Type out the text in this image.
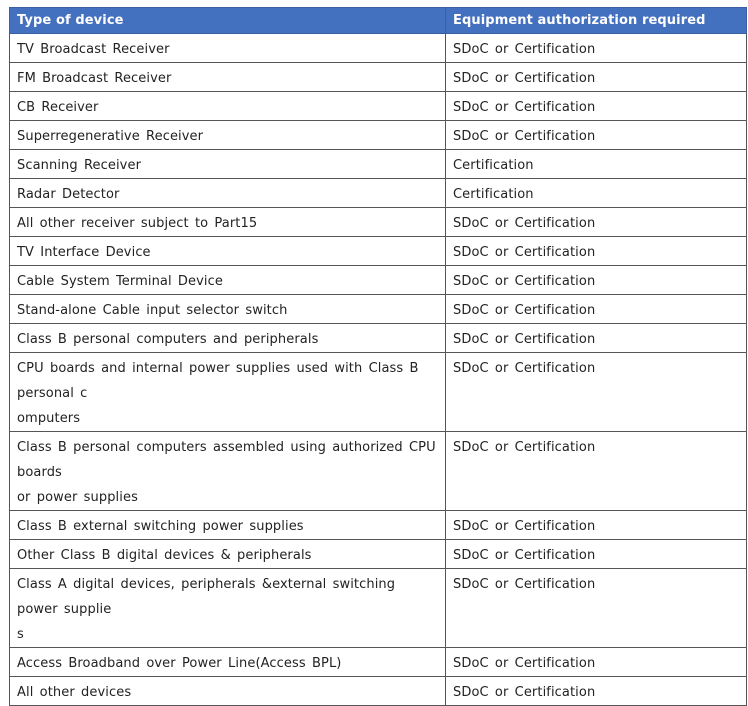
Type of device	Equipment authorization required
TV Broadcast Receiver	SDoC or Certification
FM Broadcast Receiver	SDoC or Certification
CB Receiver	SDoC or Certification
Superregenerative Receiver	SDoC or Certification
Scanning Receiver	Certification
Radar Detector	Certification
All other receiver subject to Part15	SDoC or Certification
TV Interface Device	SDoC or Certification
Cable System Terminal Device	SDoC or Certification
Stand-alone Cable input selector switch	SDoC or Certification
Class B personal computers and peripherals	SDoC or Certification

CPU boards and internal power supplies used with Class B personal c
omputers	SDoC or Certification

Class B personal computers assembled using authorized CPU boards
or power supplies	SDoC or Certification
Class B external switching power supplies	SDoC or Certification
Other Class B digital devices & peripherals	SDoC or Certification

Class A digital devices, peripherals &external switching power supplie
s	SDoC or Certification
Access Broadband over Power Line(Access BPL)	SDoC or Certification
All other devices	SDoC or Certification
